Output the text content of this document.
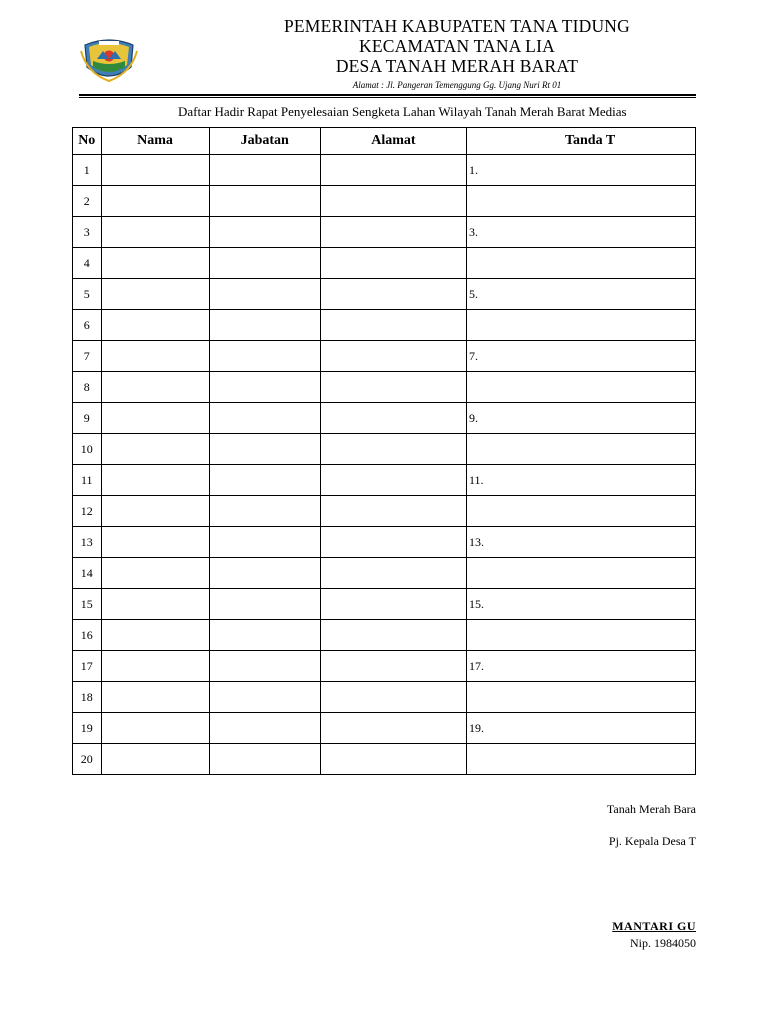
PEMERINTAH KABUPATEN TANA TIDUNG
KECAMATAN TANA LIA
DESA TANAH MERAH BARAT
Alamat : Jl. Pangeran Temenggung Gg. Ujang Nuri Rt 01
Daftar Hadir Rapat Penyelesaian Sengketa Lahan Wilayah Tanah Merah Barat Medias
No	Nama	Jabatan	Alamat	Tanda T
1				1.
2				
3				3.
4				
5				5.
6				
7				7.
8				
9				9.
10				
11				11.
12				
13				13.
14				
15				15.
16				
17				17.
18				
19				19.
20				
Tanah Merah Bara
Pj. Kepala Desa T
MANTARI GU
Nip. 1984050
